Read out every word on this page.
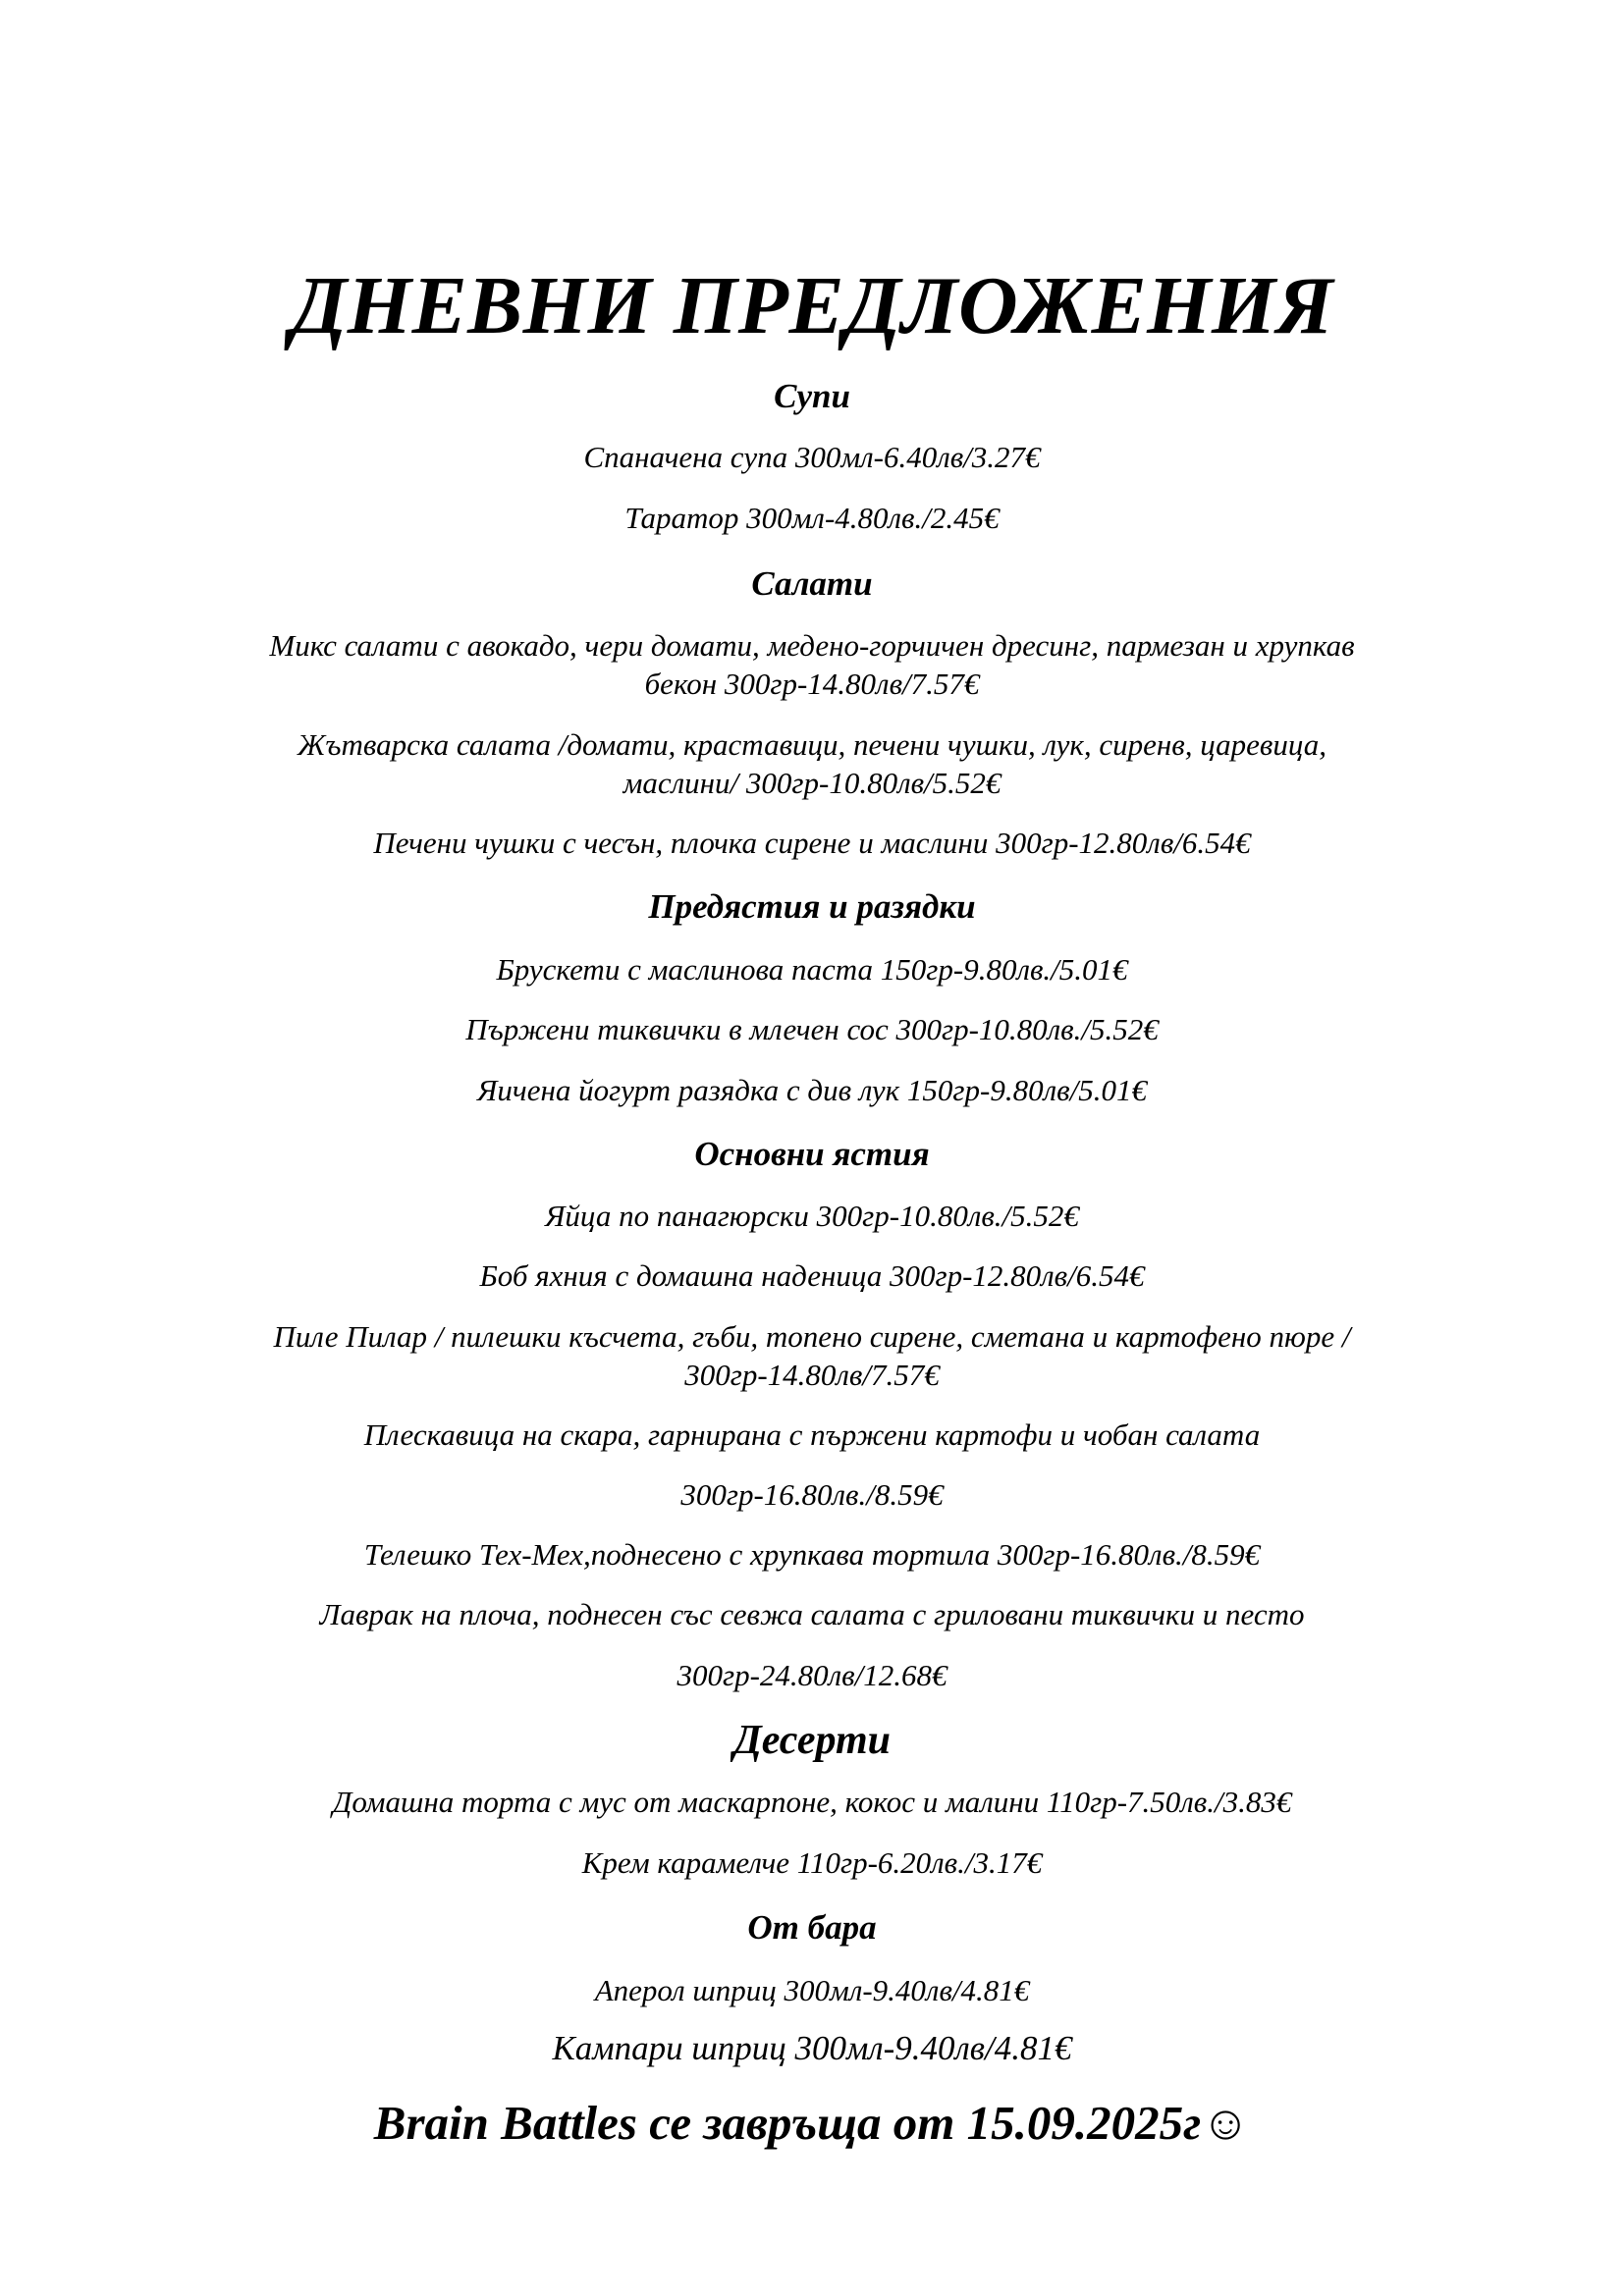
ДНЕВНИ ПРЕДЛОЖЕНИЯ
Супи
Спаначена супа 300мл-6.40лв/3.27€
Таратор 300мл-4.80лв./2.45€
Салати
Микс салати с авокадо, чери домати, медено-горчичен дресинг, пармезан и хрупкав
бекон 300гр-14.80лв/7.57€
Жътварска салата /домати, краставици, печени чушки, лук, сиренв, царевица,
маслини/ 300гр-10.80лв/5.52€
Печени чушки с чесън, плочка сирене и маслини 300гр-12.80лв/6.54€
Предястия и разядки
Брускети с маслинова паста 150гр-9.80лв./5.01€
Пържени тиквички в млечен сос 300гр-10.80лв./5.52€
Яичена йогурт разядка с див лук 150гр-9.80лв/5.01€
Основни ястия
Яйца по панагюрски 300гр-10.80лв./5.52€
Боб яхния с домашна наденица 300гр-12.80лв/6.54€
Пиле Пилар / пилешки късчета, гъби, топено сирене, сметана и картофено пюре /
300гр-14.80лв/7.57€
Плескавица на скара, гарнирана с пържени картофи и чобан салата
300гр-16.80лв./8.59€
Телешко Тех-Мех,поднесено с хрупкава тортила 300гр-16.80лв./8.59€
Лаврак на плоча, поднесен със севжа салата с гриловани тиквички и песто
300гр-24.80лв/12.68€
Десерти
Домашна торта с мус от маскарпоне, кокос и малини 110гр-7.50лв./3.83€
Крем карамелче 110гр-6.20лв./3.17€
От бара
Аперол шприц 300мл-9.40лв/4.81€
Кампари шприц 300мл-9.40лв/4.81€
Brain Battles се завръща от 15.09.2025г☺
